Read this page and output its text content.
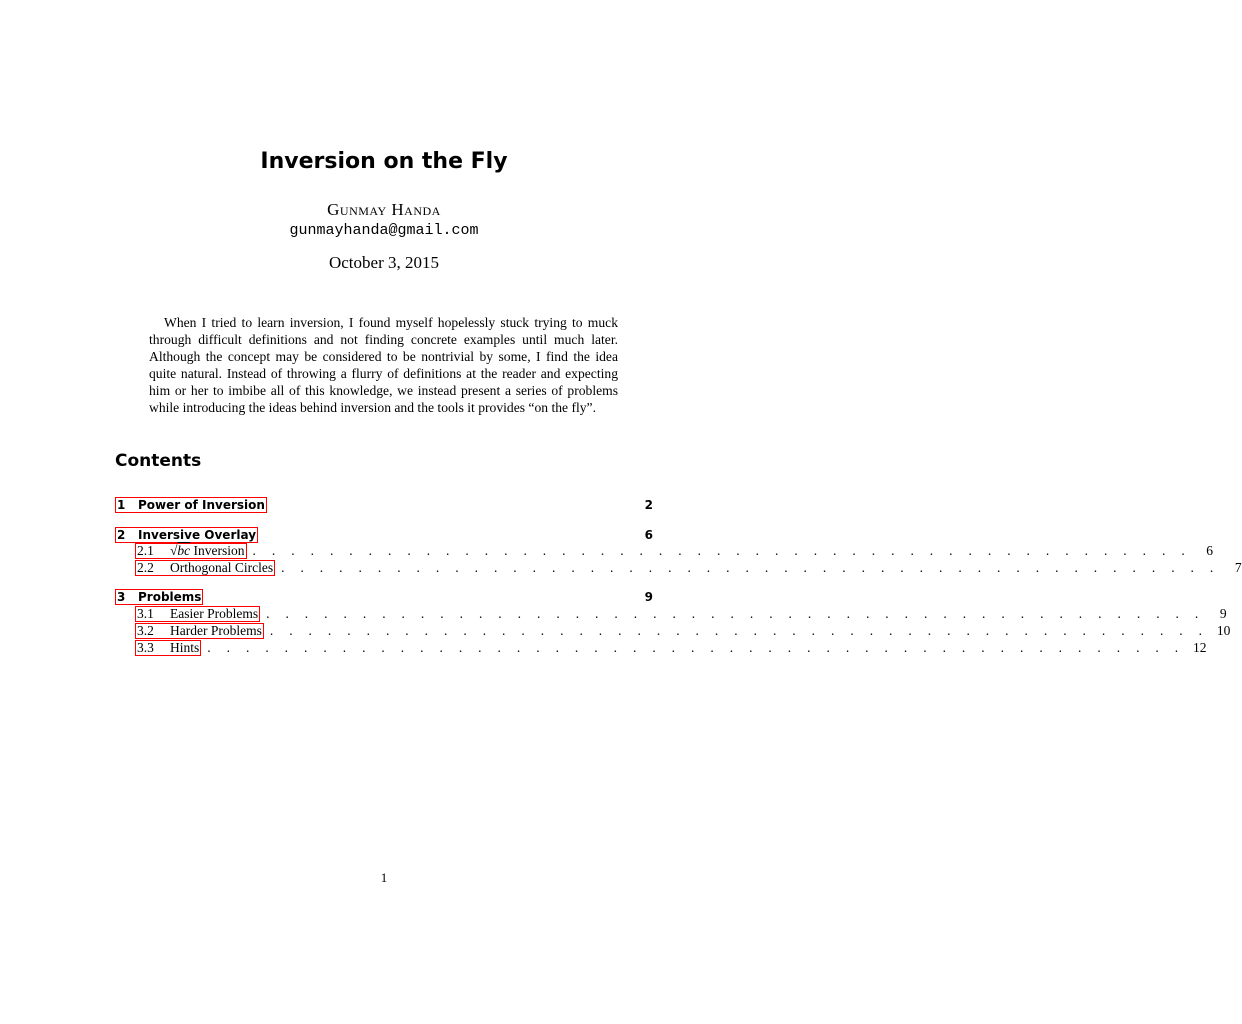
Inversion on the Fly
Gunmay Handa
gunmayhanda@gmail.com
October 3, 2015
When I tried to learn inversion, I found myself hopelessly stuck trying to muck through difficult definitions and not finding concrete examples until much later. Although the concept may be considered to be nontrivial by some, I find the idea quite natural. Instead of throwing a flurry of definitions at the reader and expecting him or her to imbibe all of this knowledge, we instead present a series of problems while introducing the ideas behind inversion and the tools it provides “on the fly”.
Contents
1	Power of Inversion	2
2	Inversive Overlay	6
2.1	√ bc Inversion . . . . . . . . . . . . . . . . . . . . . . . . . . . . . . . . . . . . . . . . . . . . . . . . .	6
2.2	Orthogonal Circles . . . . . . . . . . . . . . . . . . . . . . . . . . . . . . . . . . . . . . . . . . . . . . . . .	7
3	Problems	9
3.1	Easier Problems . . . . . . . . . . . . . . . . . . . . . . . . . . . . . . . . . . . . . . . . . . . . . . . . .	9
3.2	Harder Problems . . . . . . . . . . . . . . . . . . . . . . . . . . . . . . . . . . . . . . . . . . . . . . . . . 10
3.3	Hints . . . . . . . . . . . . . . . . . . . . . . . . . . . . . . . . . . . . . . . . . . . . . . . . . . . 12
1
